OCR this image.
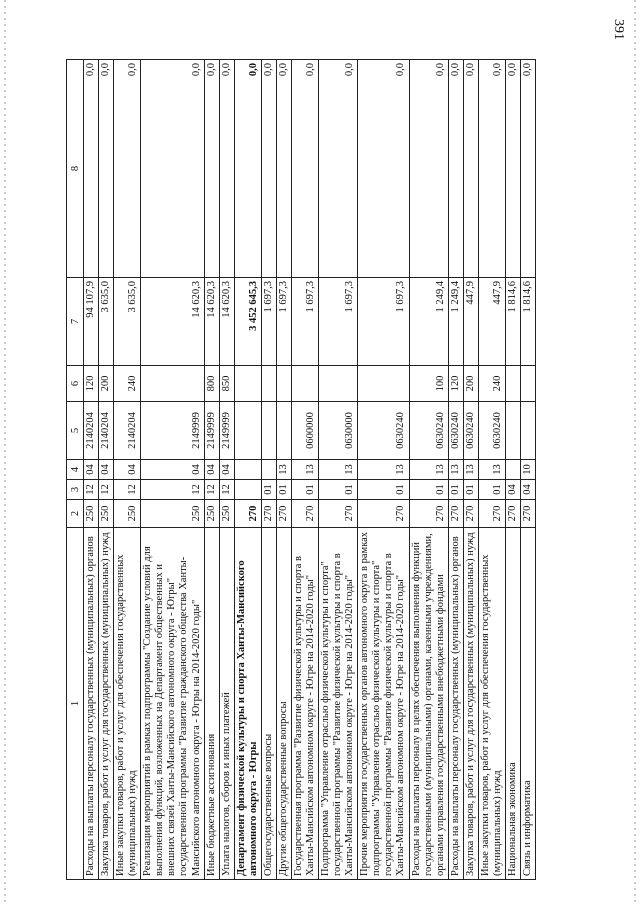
391
1	2	3	4	5	6	7	8
Расходы на выплаты персоналу государственных (муниципальных) органов	250	12	04	2140204	120	94 107,9	0,0
Закупка товаров, работ и услуг для государственных (муниципальных) нужд	250	12	04	2140204	200	3 635,0	0,0
Иные закупки товаров, работ и услуг для обеспечения государственных (муниципальных) нужд	250	12	04	2140204	240	3 635,0	0,0
Реализация мероприятий в рамках подпрограммы "Создание условий для выполнения функций, возложенных на Департамент общественных и внешних связей Ханты-Мансийского автономного округа - Югры" государственной программы "Развитие гражданского общества Ханты-Мансийского автономного округа - Югры на 2014-2020 годы"	250	12	04	2149999		14 620,3	0,0
Иные бюджетные ассигнования	250	12	04	2149999	800	14 620,3	0,0
Уплата налогов, сборов и иных платежей	250	12	04	2149999	850	14 620,3	0,0
Департамент физической культуры и спорта Ханты-Мансийского автономного округа - Югры	270					3 452 645,3	0,0
Общегосударственные вопросы	270	01				1 697,3	0,0
Другие общегосударственные вопросы	270	01	13			1 697,3	0,0
Государственная программа "Развитие физической культуры и спорта в Ханты-Мансийском автономном округе - Югре на 2014-2020 годы"	270	01	13	0600000		1 697,3	0,0
Подпрограмма "Управление отраслью физической культуры и спорта" государственной программы "Развитие физической культуры и спорта в Ханты-Мансийском автономном округе - Югре на 2014-2020 годы"	270	01	13	0630000		1 697,3	0,0
Прочие мероприятия государственных органов автономного округа в рамках подпрограммы "Управление отраслью физической культуры и спорта" государственной программы "Развитие физической культуры и спорта в Ханты-Мансийском автономном округе - Югре на 2014-2020 годы"	270	01	13	0630240		1 697,3	0,0
Расходы на выплаты персоналу в целях обеспечения выполнения функций государственными (муниципальными) органами, казенными учреждениями, органами управления государственными внебюджетными фондами	270	01	13	0630240	100	1 249,4	0,0
Расходы на выплаты персоналу государственных (муниципальных) органов	270	01	13	0630240	120	1 249,4	0,0
Закупка товаров, работ и услуг для государственных (муниципальных) нужд	270	01	13	0630240	200	447,9	0,0
Иные закупки товаров, работ и услуг для обеспечения государственных (муниципальных) нужд	270	01	13	0630240	240	447,9	0,0
Национальная экономика	270	04				1 814,6	0,0
Связь и информатика	270	04	10			1 814,6	0,0
